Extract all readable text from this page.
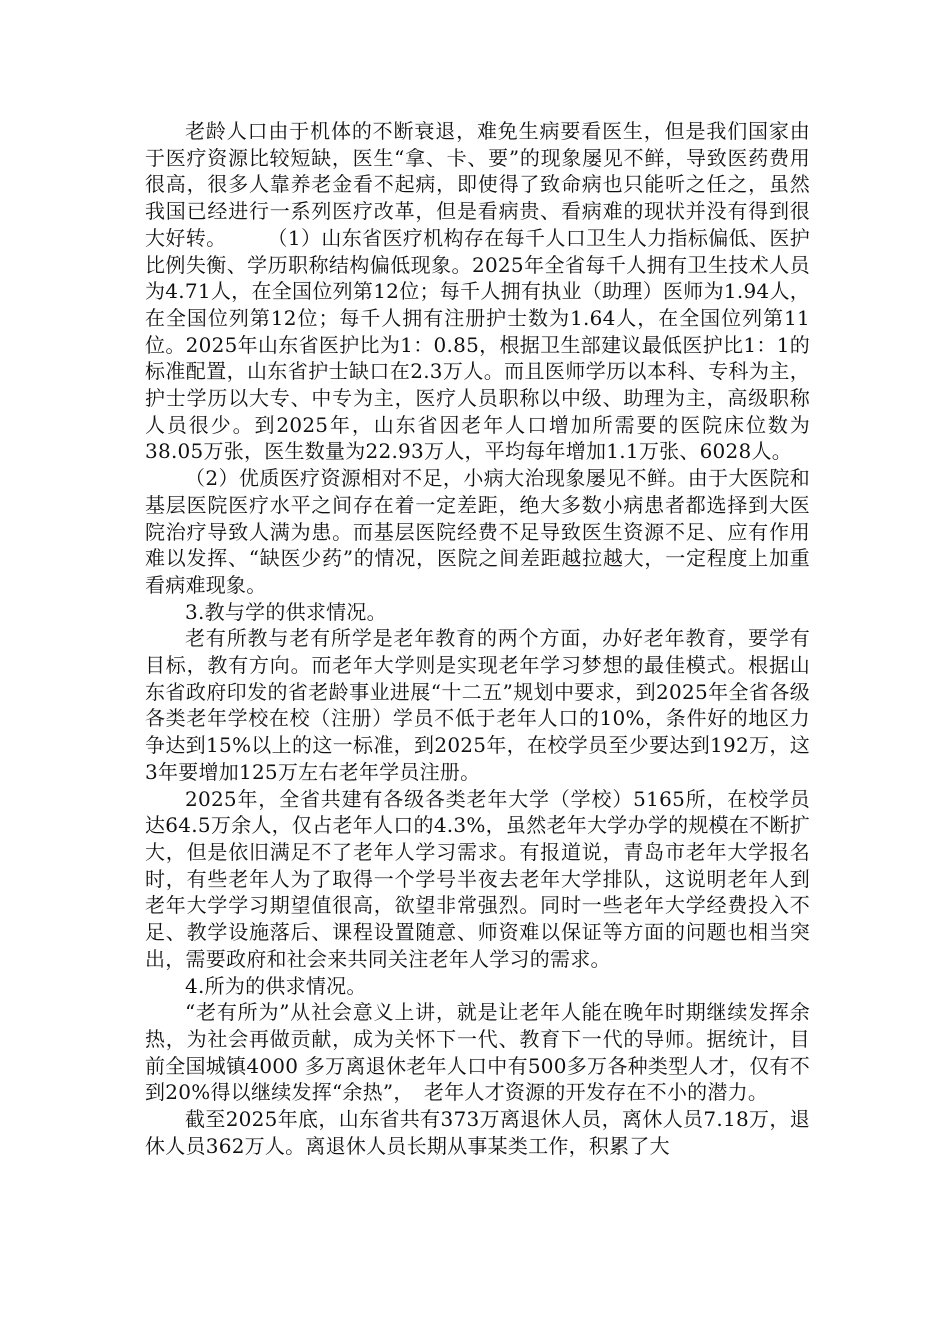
老龄人口由于机体的不断衰退，难免生病要看医生，但是我们国家由于医疗资源比较短缺，医生“拿、卡、要”的现象屡见不鲜，导致医药费用很高，很多人靠养老金看不起病，即使得了致命病也只能听之任之，虽然我国已经进行一系列医疗改革，但是看病贵、看病难的现状并没有得到很大好转。　　　（1）山东省医疗机构存在每千人口卫生人力指标偏低、医护比例失衡、学历职称结构偏低现象。2025年全省每千人拥有卫生技术人员为4.71人，在全国位列第12位；每千人拥有执业（助理）医师为1.94人，在全国位列第12位；每千人拥有注册护士数为1.64人，在全国位列第11位。2025年山东省医护比为1：0.85，根据卫生部建议最低医护比1：1的标准配置，山东省护士缺口在2.3万人。而且医师学历以本科、专科为主，护士学历以大专、中专为主，医疗人员职称以中级、助理为主，高级职称人员很少。到2025年，山东省因老年人口增加所需要的医院床位数为38.05万张，医生数量为22.93万人，平均每年增加1.1万张、6028人。

（2）优质医疗资源相对不足，小病大治现象屡见不鲜。由于大医院和基层医院医疗水平之间存在着一定差距，绝大多数小病患者都选择到大医院治疗导致人满为患。而基层医院经费不足导致医生资源不足、应有作用难以发挥、“缺医少药”的情况，医院之间差距越拉越大，一定程度上加重看病难现象。

3.教与学的供求情况。

老有所教与老有所学是老年教育的两个方面，办好老年教育，要学有目标，教有方向。而老年大学则是实现老年学习梦想的最佳模式。根据山东省政府印发的省老龄事业进展“十二五”规划中要求，到2025年全省各级各类老年学校在校（注册）学员不低于老年人口的10%，条件好的地区力争达到15%以上的这一标准，到2025年，在校学员至少要达到192万，这3年要增加125万左右老年学员注册。

2025年，全省共建有各级各类老年大学（学校）5165所，在校学员达64.5万余人，仅占老年人口的4.3%，虽然老年大学办学的规模在不断扩大，但是依旧满足不了老年人学习需求。有报道说，青岛市老年大学报名时，有些老年人为了取得一个学号半夜去老年大学排队，这说明老年人到老年大学学习期望值很高，欲望非常强烈。同时一些老年大学经费投入不足、教学设施落后、课程设置随意、师资难以保证等方面的问题也相当突出，需要政府和社会来共同关注老年人学习的需求。

4.所为的供求情况。

“老有所为”从社会意义上讲，就是让老年人能在晚年时期继续发挥余热，为社会再做贡献，成为关怀下一代、教育下一代的导师。据统计，目前全国城镇4000 多万离退休老年人口中有500多万各种类型人才，仅有不到20%得以继续发挥“余热”，　老年人才资源的开发存在不小的潜力。

截至2025年底，山东省共有373万离退休人员，离休人员7.18万，退休人员362万人。离退休人员长期从事某类工作，积累了大
